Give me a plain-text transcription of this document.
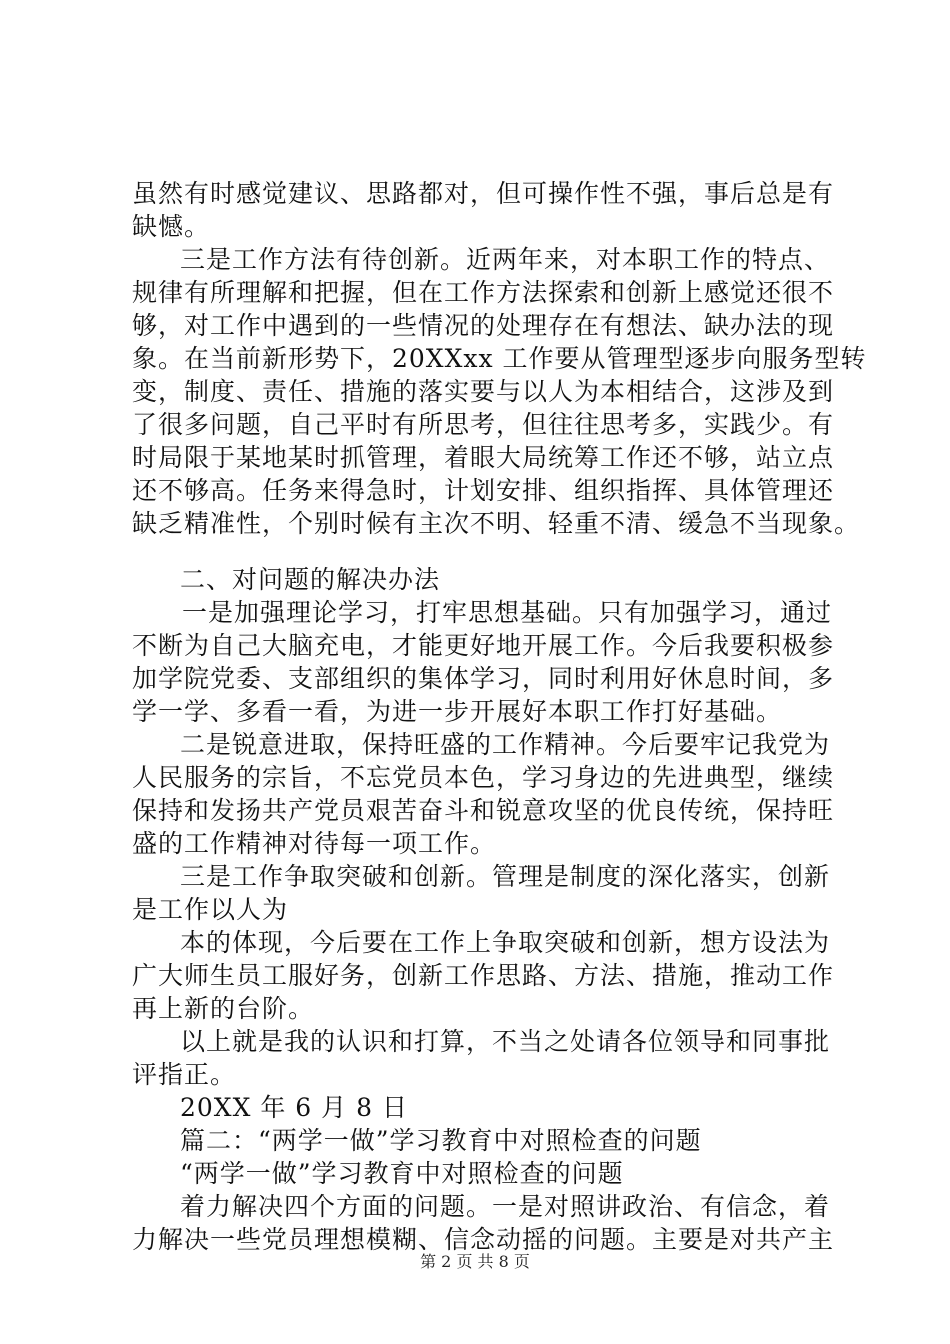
虽然有时感觉建议、思路都对，但可操作性不强，事后总是有
缺憾。
三是工作方法有待创新。近两年来，对本职工作的特点、
规律有所理解和把握，但在工作方法探索和创新上感觉还很不
够，对工作中遇到的一些情况的处理存在有想法、缺办法的现
象。在当前新形势下，20XXxx 工作要从管理型逐步向服务型转
变，制度、责任、措施的落实要与以人为本相结合，这涉及到
了很多问题，自己平时有所思考，但往往思考多，实践少。有
时局限于某地某时抓管理，着眼大局统筹工作还不够，站立点
还不够高。任务来得急时，计划安排、组织指挥、具体管理还
缺乏精准性，个别时候有主次不明、轻重不清、缓急不当现象。
二、对问题的解决办法
一是加强理论学习，打牢思想基础。只有加强学习，通过
不断为自己大脑充电，才能更好地开展工作。今后我要积极参
加学院党委、支部组织的集体学习，同时利用好休息时间，多
学一学、多看一看，为进一步开展好本职工作打好基础。
二是锐意进取，保持旺盛的工作精神。今后要牢记我党为
人民服务的宗旨，不忘党员本色，学习身边的先进典型，继续
保持和发扬共产党员艰苦奋斗和锐意攻坚的优良传统，保持旺
盛的工作精神对待每一项工作。
三是工作争取突破和创新。管理是制度的深化落实，创新
是工作以人为
本的体现，今后要在工作上争取突破和创新，想方设法为
广大师生员工服好务，创新工作思路、方法、措施，推动工作
再上新的台阶。
以上就是我的认识和打算，不当之处请各位领导和同事批
评指正。
20XX 年 6 月 8 日
篇二：“两学一做”学习教育中对照检查的问题
“两学一做”学习教育中对照检查的问题
着力解决四个方面的问题。一是对照讲政治、有信念，着
力解决一些党员理想模糊、信念动摇的问题。主要是对共产主
第 2 页 共 8 页
